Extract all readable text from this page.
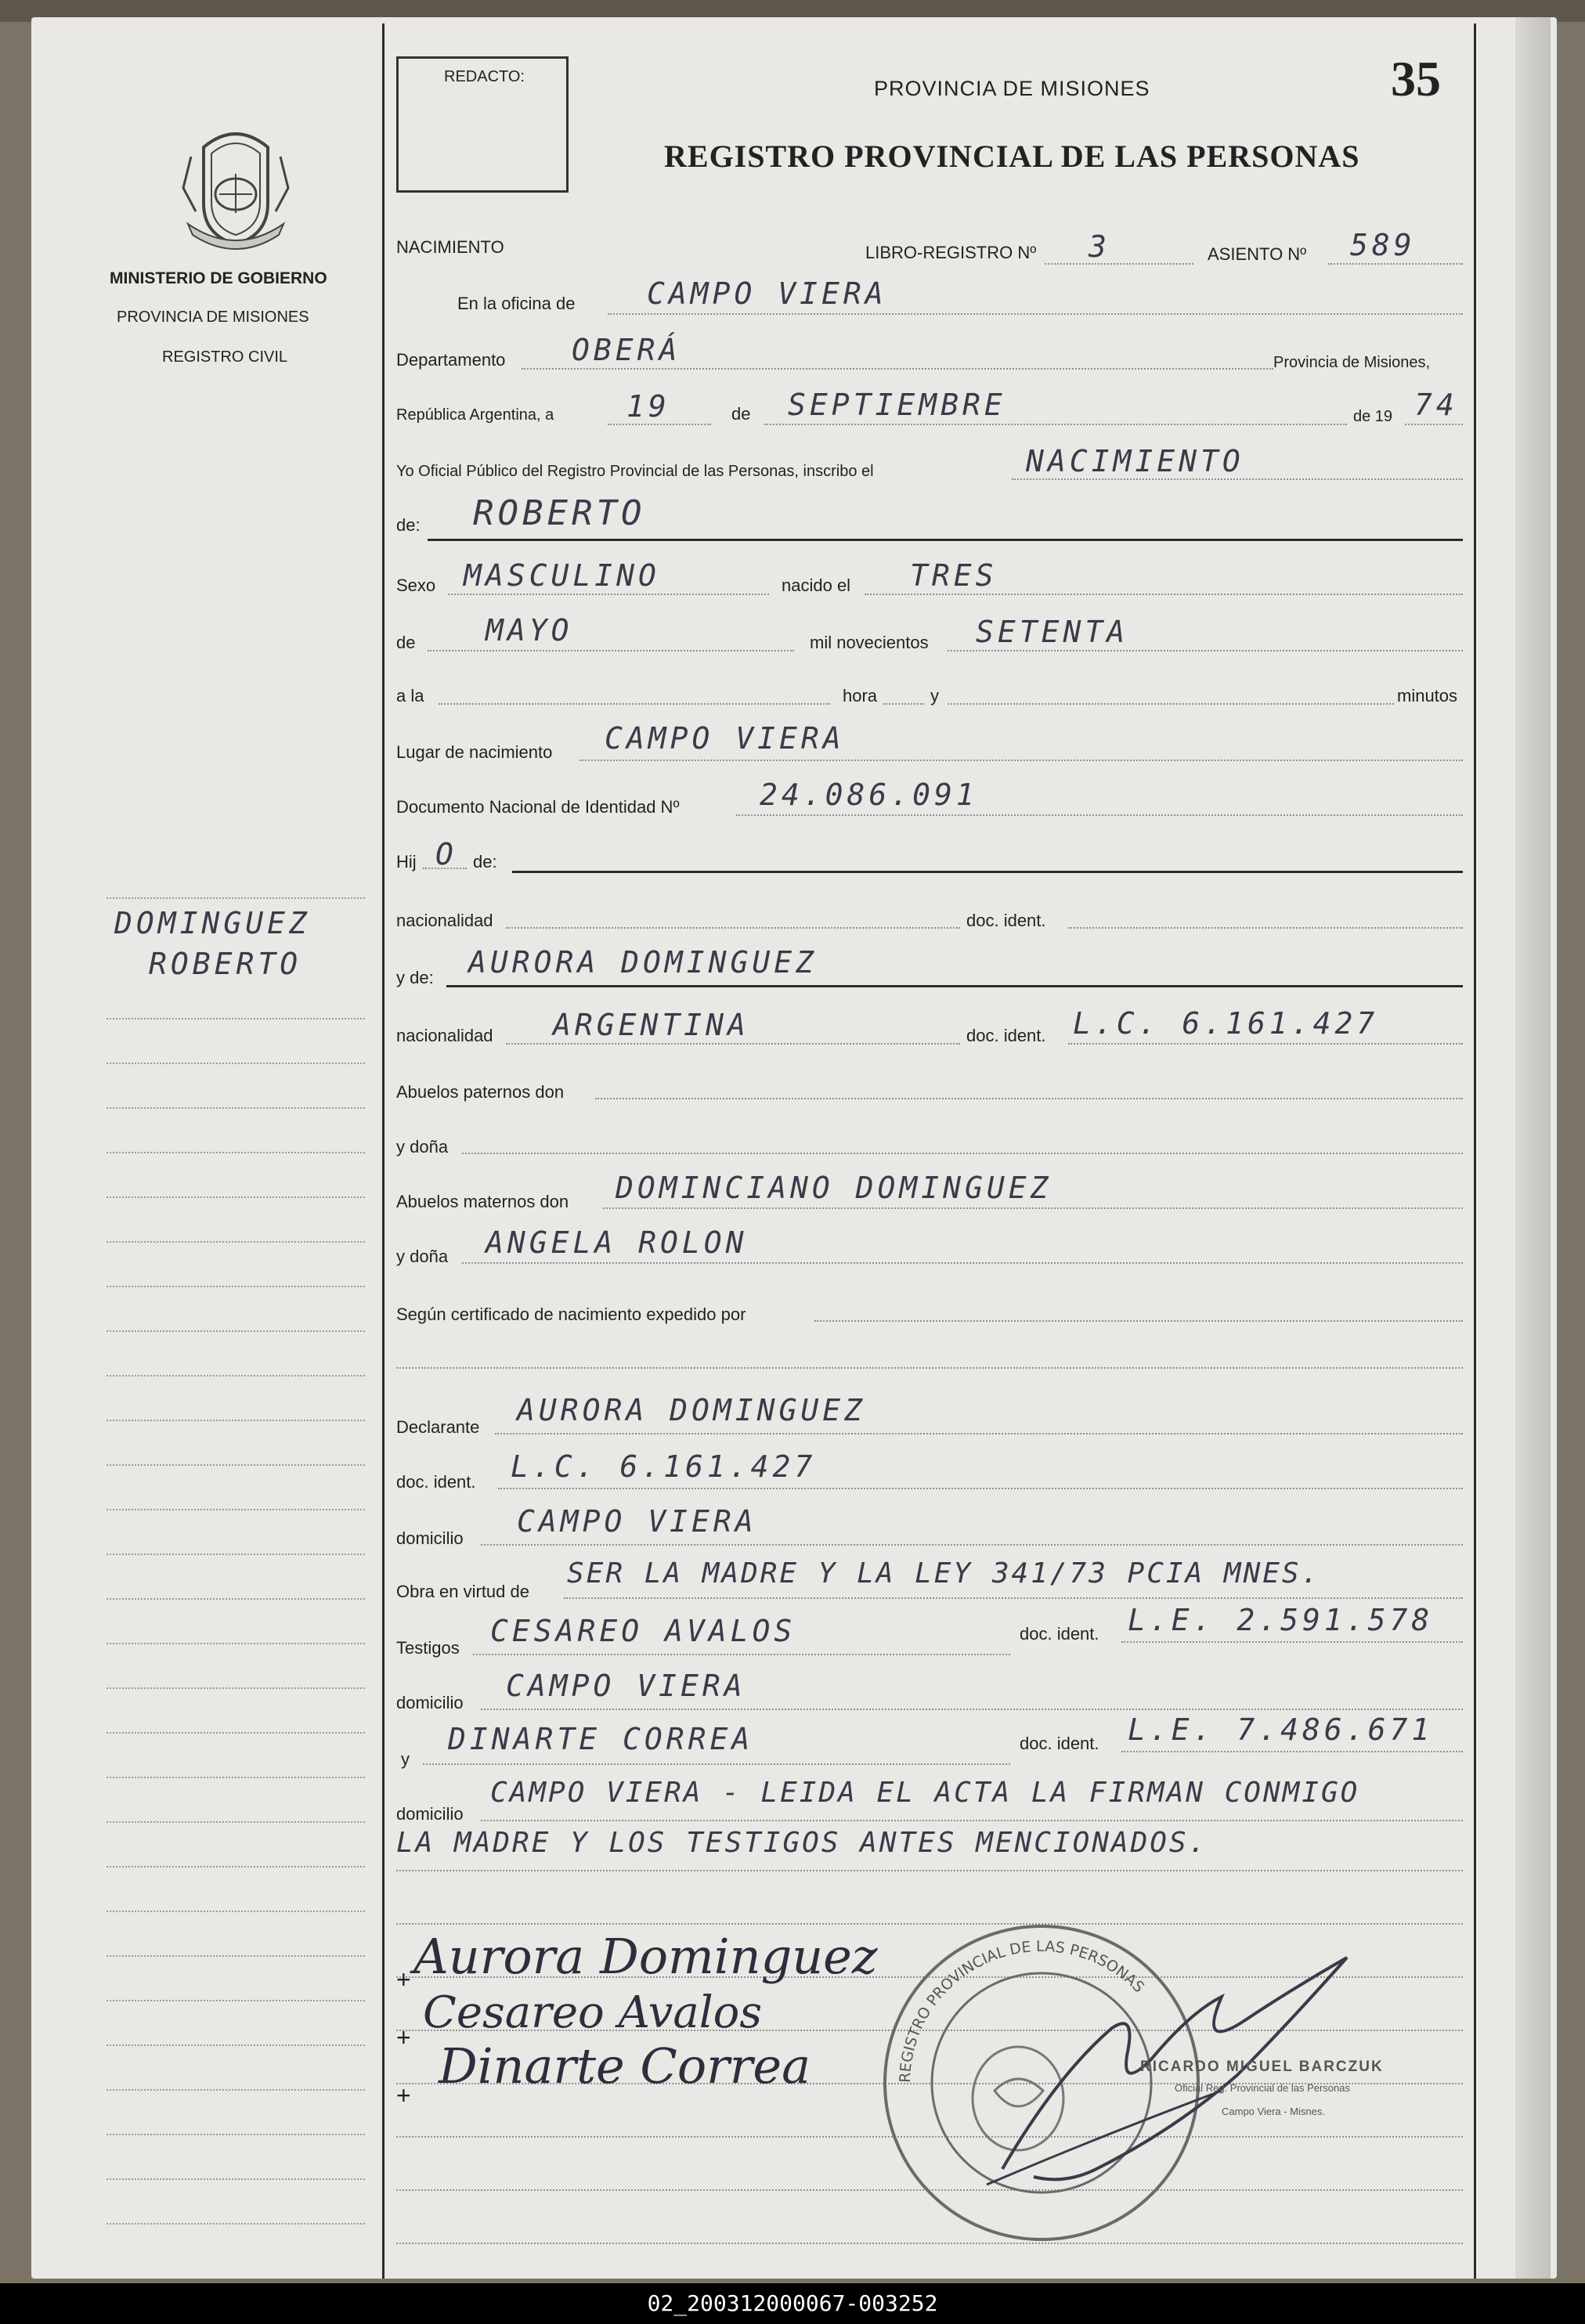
MINISTERIO DE GOBIERNO
PROVINCIA DE MISIONES
REGISTRO CIVIL
DOMINGUEZ
ROBERTO
REDACTO:	PROVINCIA DE MISIONES	35
REGISTRO PROVINCIAL DE LAS PERSONAS
NACIMIENTO	LIBRO-REGISTRO Nº 3	ASIENTO Nº 589
En la oficina de CAMPO VIERA
Departamento OBERÁ	Provincia de Misiones,
República Argentina, a 19	de SEPTIEMBRE	de 19 74
Yo Oficial Público del Registro Provincial de las Personas, inscribo el	NACIMIENTO
de: ROBERTO
Sexo MASCULINO	nacido el TRES
de MAYO	mil novecientos SETENTA
a la	hora	y	minutos
Lugar de nacimiento CAMPO VIERA
Documento Nacional de Identidad Nº	24.086.091
Hij O de:
nacionalidad	doc. ident.
y de: AURORA DOMINGUEZ
nacionalidad ARGENTINA	doc. ident. L.C. 6.161.427
Abuelos paternos don
y doña
Abuelos maternos don DOMINCIANO DOMINGUEZ
y doña ANGELA ROLON
Según certificado de nacimiento expedido por
Declarante AURORA DOMINGUEZ
doc. ident. L.C. 6.161.427
domicilio CAMPO VIERA
Obra en virtud de
SER LA MADRE Y LA LEY 341/73 PCIA MNES.
Testigos CESAREO AVALOS	doc. ident. L.E. 2.591.578
domicilio CAMPO VIERA
y
DINARTE CORREA	doc. ident. L.E. 7.486.671
domicilio
CAMPO VIERA - LEIDA EL ACTA LA FIRMAN CONMIGO
LA MADRE Y LOS TESTIGOS ANTES MENCIONADOS.
Aurora Dominguez
Cesareo Avalos
Dinarte Correa
+
+
+
REGISTRO PROVINCIAL DE LAS PERSONAS
RICARDO MIGUEL BARCZUK
Oficial Reg. Provincial de las Personas
Campo Viera - Misnes.
02_200312000067-003252
